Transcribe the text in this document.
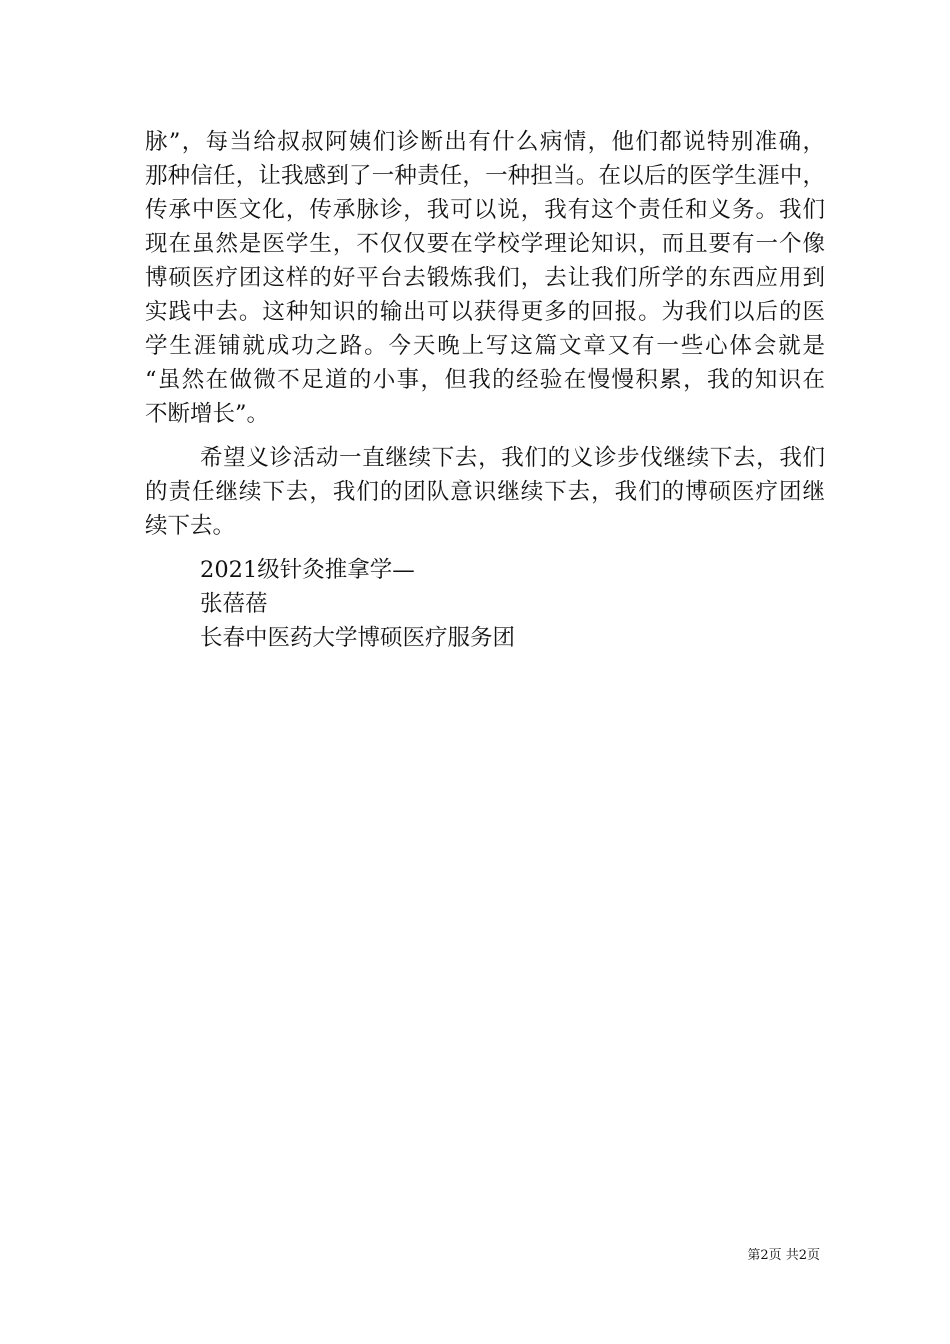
脉”，每当给叔叔阿姨们诊断出有什么病情，他们都说特别准确，
那种信任，让我感到了一种责任，一种担当。在以后的医学生涯中，
传承中医文化，传承脉诊，我可以说，我有这个责任和义务。我们
现在虽然是医学生，不仅仅要在学校学理论知识，而且要有一个像
博硕医疗团这样的好平台去锻炼我们，去让我们所学的东西应用到
实践中去。这种知识的输出可以获得更多的回报。为我们以后的医
学生涯铺就成功之路。今天晚上写这篇文章又有一些心体会就是
“虽然在做微不足道的小事，但我的经验在慢慢积累，我的知识在
不断增长”。
希望义诊活动一直继续下去，我们的义诊步伐继续下去，我们
的责任继续下去，我们的团队意识继续下去，我们的博硕医疗团继
续下去。
2021级针灸推拿学—
张蓓蓓
长春中医药大学博硕医疗服务团
第2页 共2页
